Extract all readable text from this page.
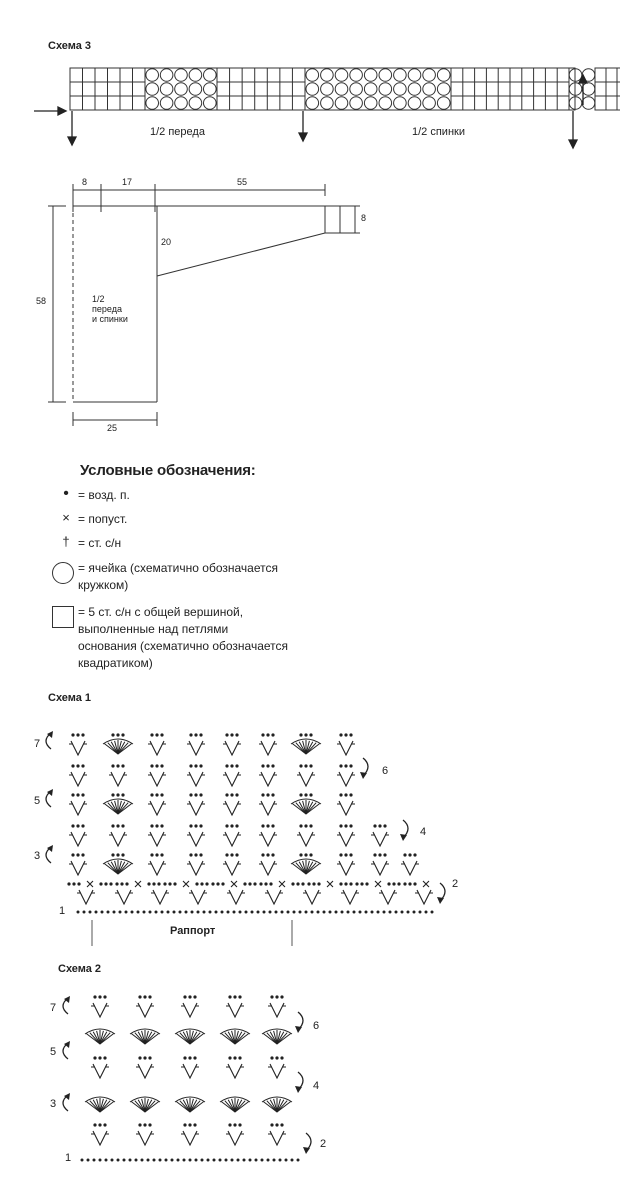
Схема 3
1/2 переда	1/2 спинки
8	17	55
8
20
58
25
1/2
переда
и спинки
Условные обозначения:
• = возд. п.
× = попуст.
† = ст. с/н
= ячейка (схематично обозначается
кружком)
= 5 ст. с/н с общей вершиной,
выполненные над петлями
основания (схематично обозначается
квадратиком)
Схема 1
7
5
3
1
6
4
2
Раппорт
Схема 2
7
5
3
1
6
4
2
